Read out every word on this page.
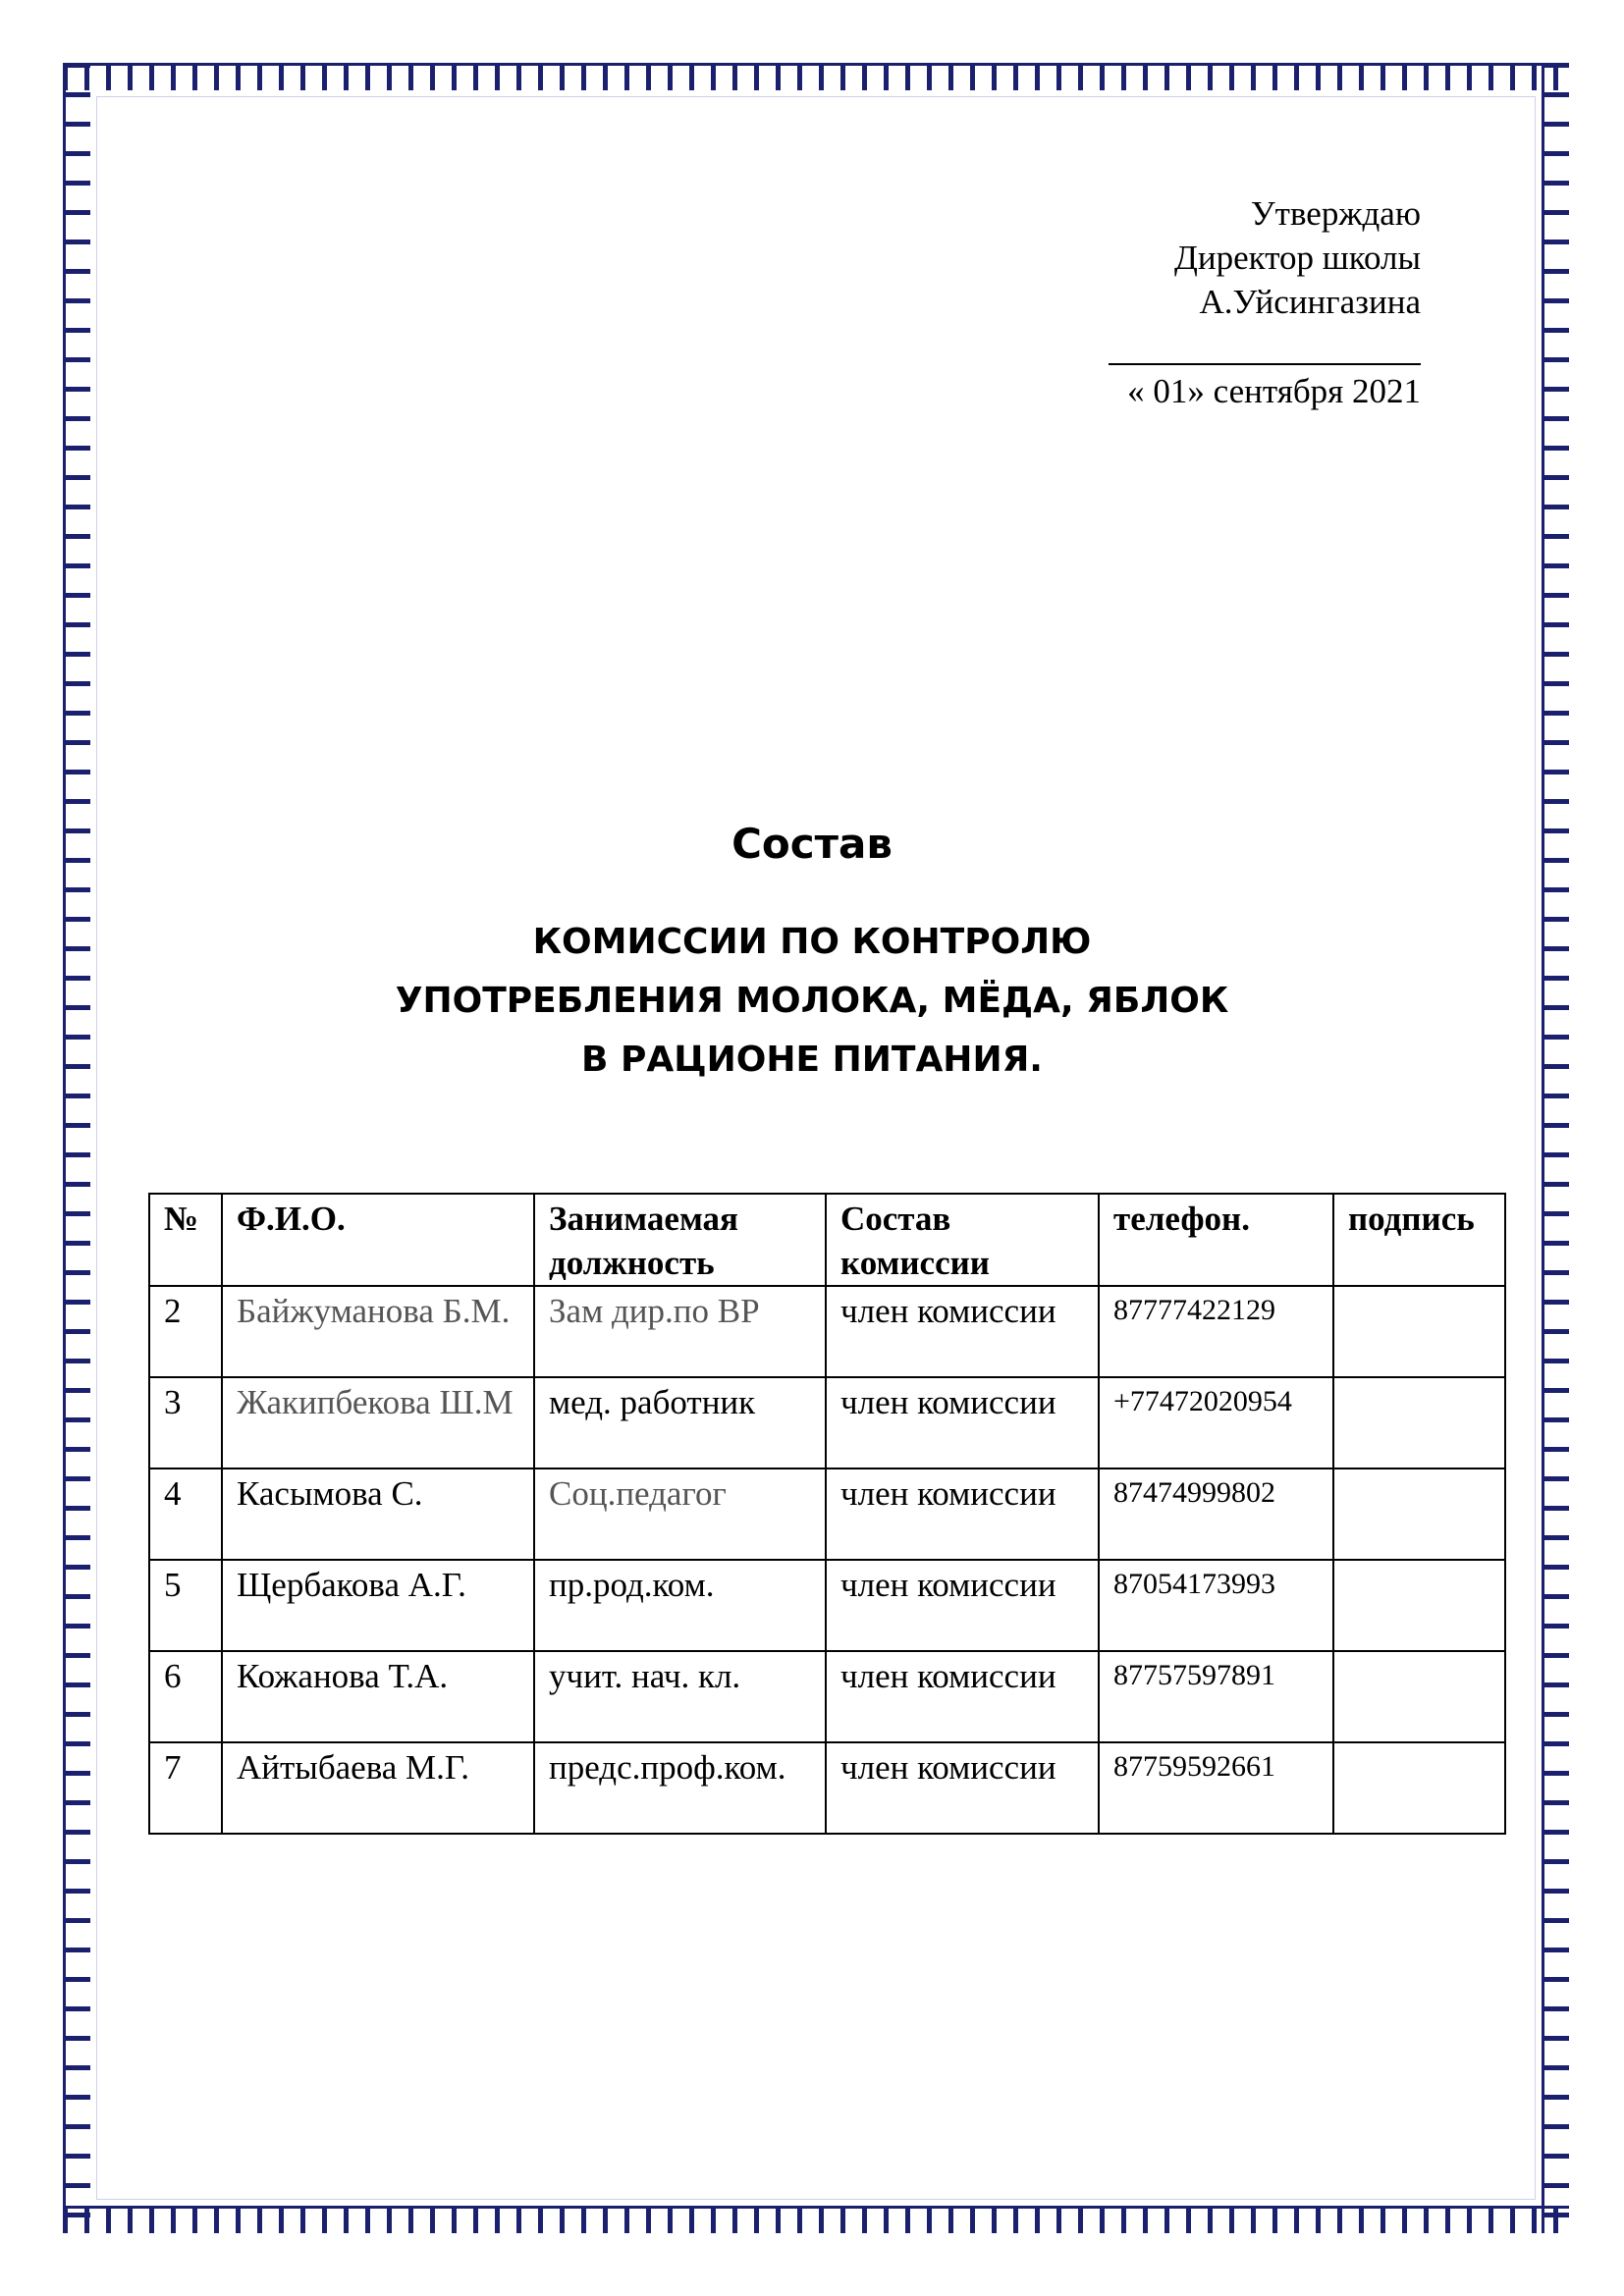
Утверждаю
Директор школы
А.Уйсингазина
« 01» сентября 2021
Состав
КОМИССИИ ПО КОНТРОЛЮ
УПОТРЕБЛЕНИЯ МОЛОКА, МЁДА, ЯБЛОК
В РАЦИОНЕ ПИТАНИЯ.
№	Ф.И.О.	Занимаемая должность	Состав комиссии	телефон.	подпись
2	Байжуманова Б.М.	Зам дир.по ВР	член комиссии	87777422129	
3	Жакипбекова Ш.М	мед. работник	член комиссии	+77472020954	
4	Касымова С.	Соц.педагог	член комиссии	87474999802	
5	Щербакова А.Г.	пр.род.ком.	член комиссии	87054173993	
6	Кожанова Т.А.	учит. нач. кл.	член комиссии	87757597891	
7	Айтыбаева М.Г.	предс.проф.ком.	член комиссии	87759592661	
